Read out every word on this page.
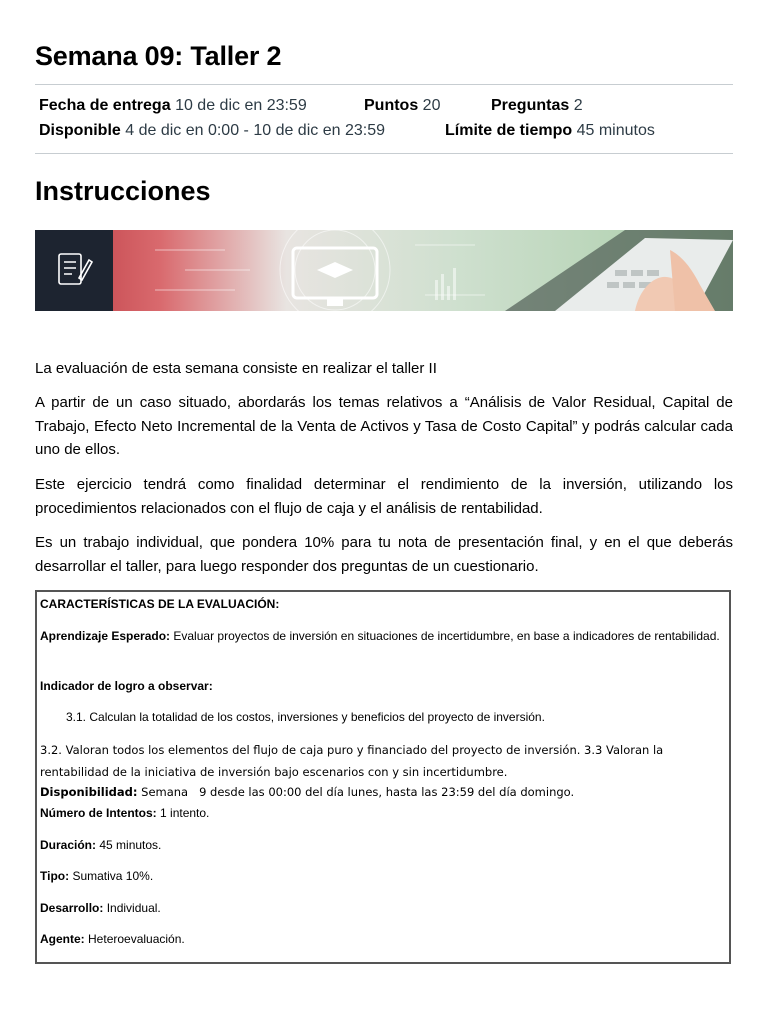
Semana 09: Taller 2
Fecha de entrega 10 de dic en 23:59	Puntos 20	Preguntas 2
Disponible 4 de dic en 0:00 - 10 de dic en 23:59	Límite de tiempo 45 minutos
Instrucciones

La evaluación de esta semana consiste en realizar el taller II

A partir de un caso situado, abordarás los temas relativos a “Análisis de Valor Residual, Capital de Trabajo, Efecto Neto Incremental de la Venta de Activos y Tasa de Costo Capital” y podrás calcular cada uno de ellos.

Este ejercicio tendrá como finalidad determinar el rendimiento de la inversión, utilizando los procedimientos relacionados con el flujo de caja y el análisis de rentabilidad.

Es un trabajo individual, que pondera 10% para tu nota de presentación final, y en el que deberás desarrollar el taller, para luego responder dos preguntas de un cuestionario.

CARACTERÍSTICAS DE LA EVALUACIÓN:
Aprendizaje Esperado: Evaluar proyectos de inversión en situaciones de incertidumbre, en base a indicadores de rentabilidad.
Indicador de logro a observar:
3.1. Calculan la totalidad de los costos, inversiones y beneficios del proyecto de inversión.
3.2. Valoran todos los elementos del flujo de caja puro y financiado del proyecto de inversión. 3.3 Valoran la rentabilidad de la iniciativa de inversión bajo escenarios con y sin incertidumbre.
Disponibilidad: Semana   9 desde las 00:00 del día lunes, hasta las 23:59 del día domingo.
Número de Intentos: 1 intento.
Duración: 45 minutos.
Tipo: Sumativa 10%.
Desarrollo: Individual.
Agente: Heteroevaluación.
